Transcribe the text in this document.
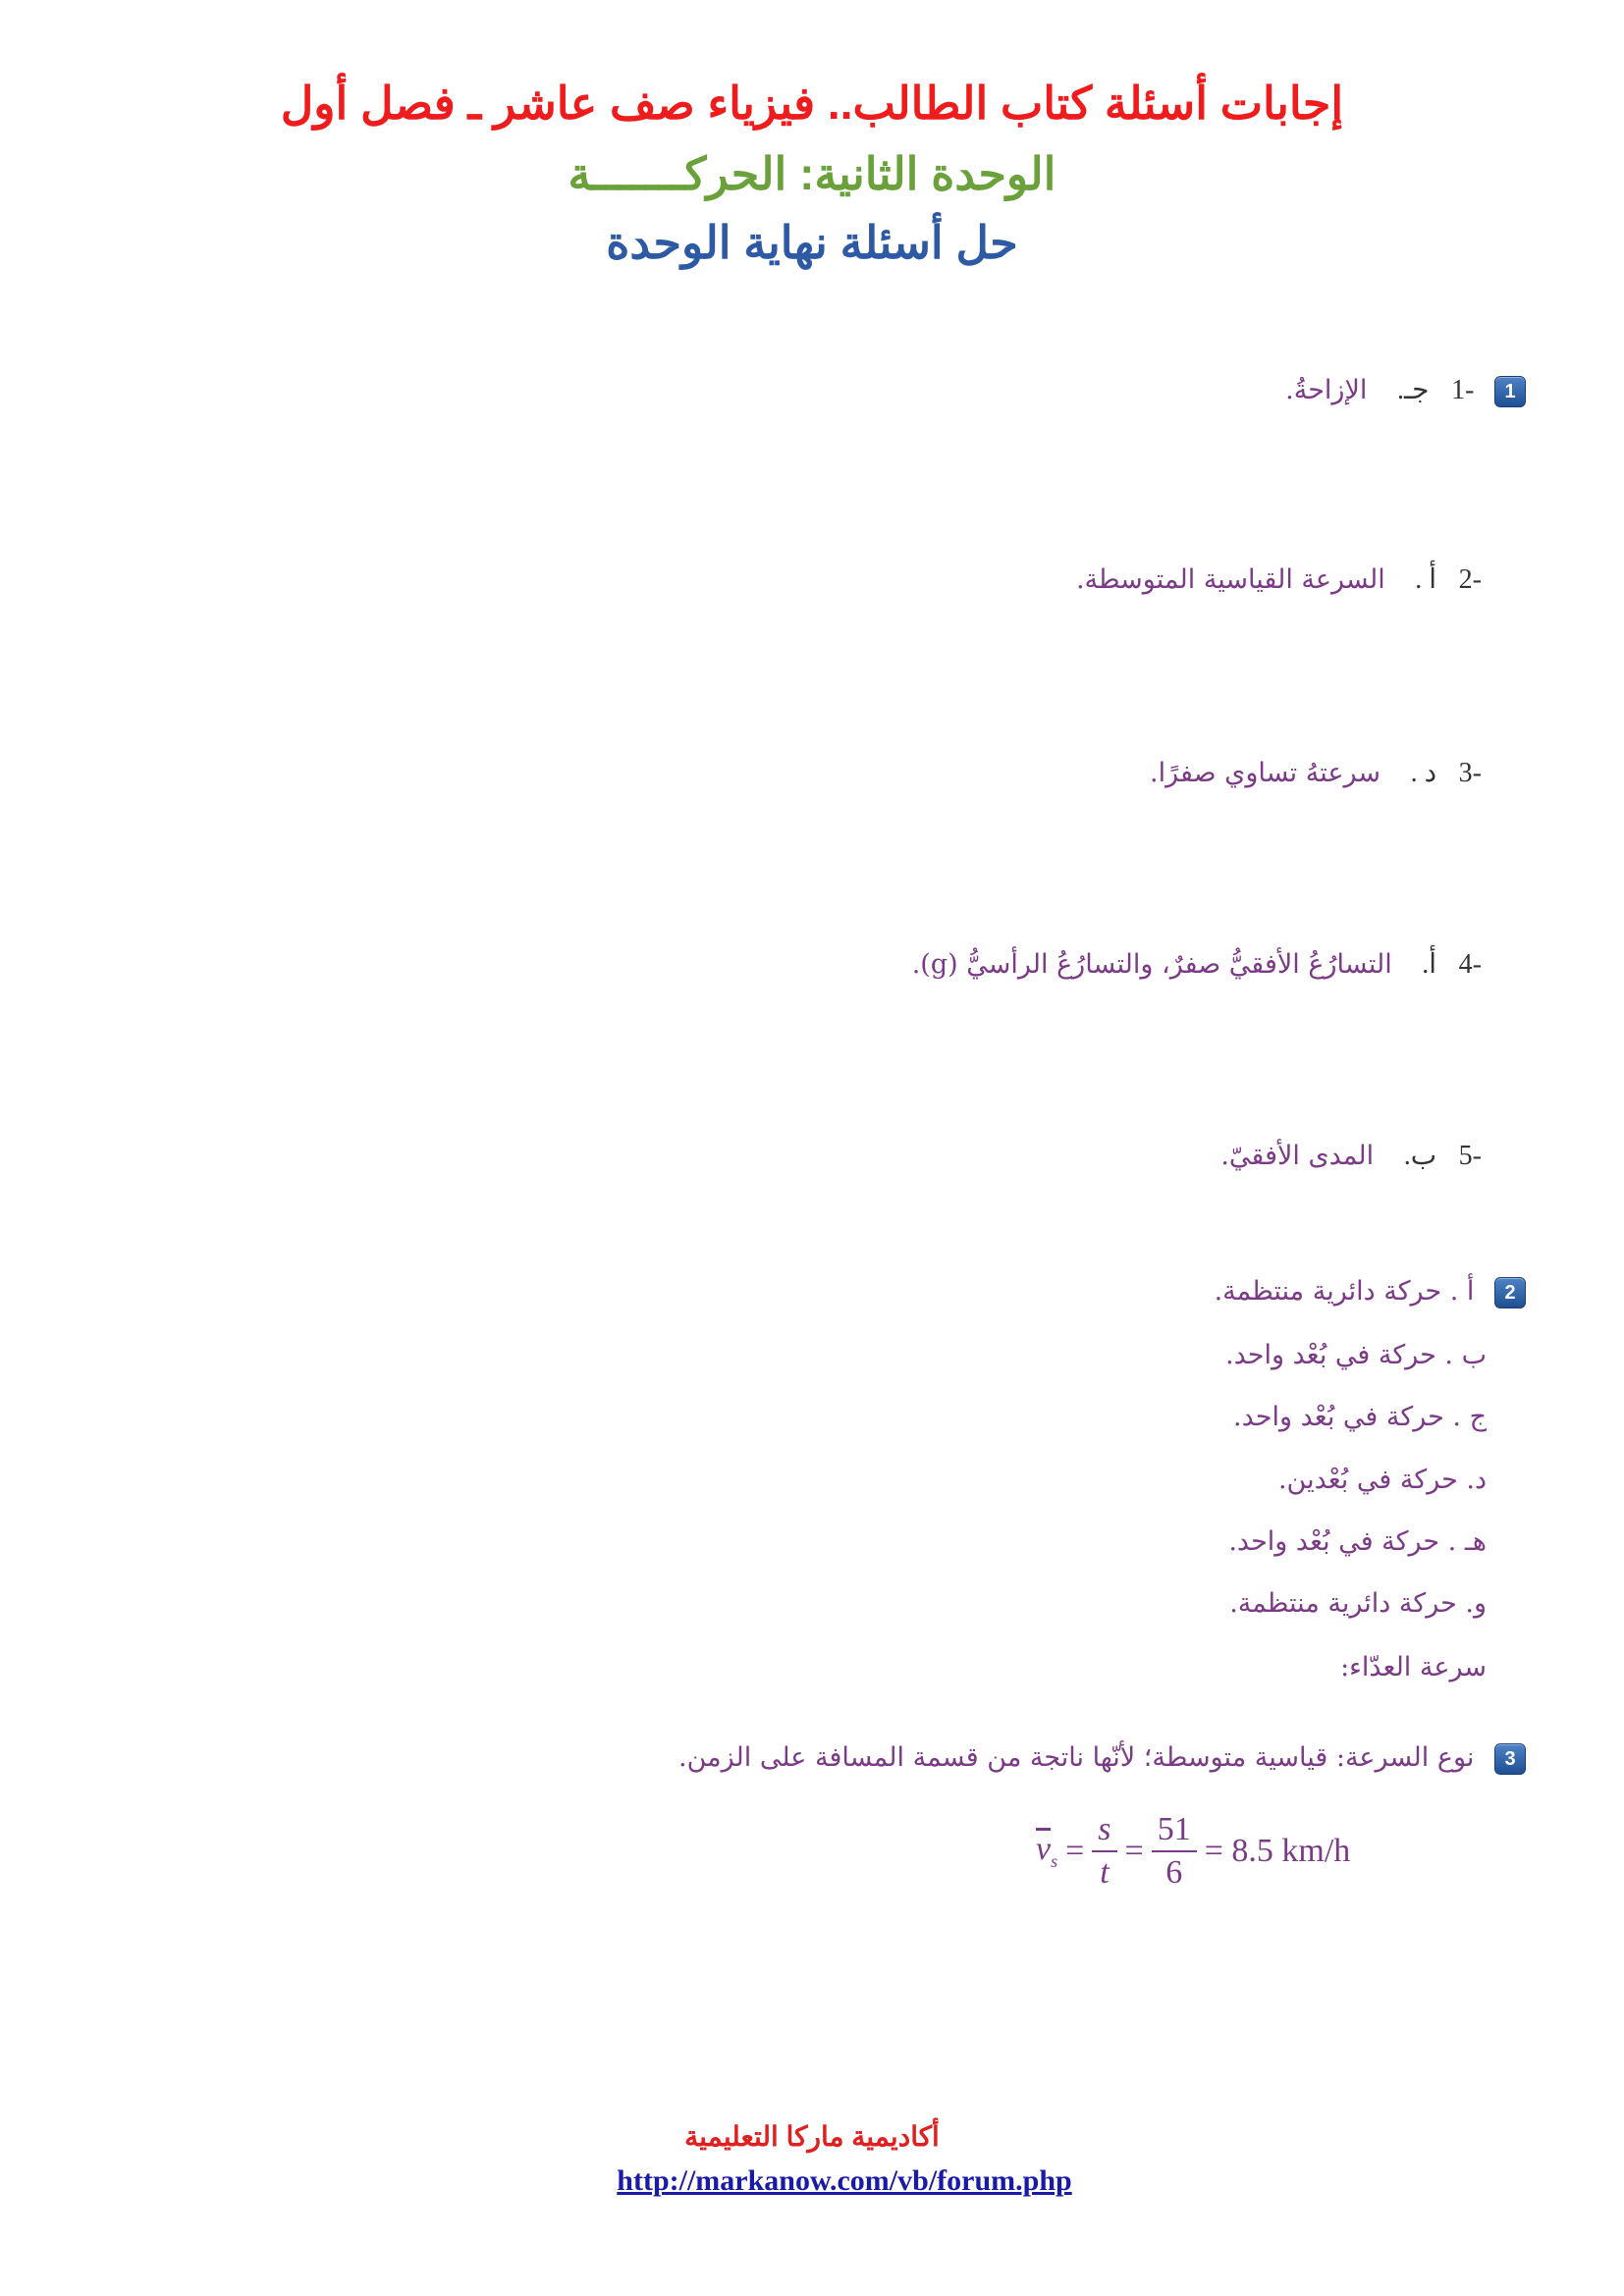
إجابات أسئلة كتاب الطالب.. فيزياء صف عاشر ـ فصل أول
الوحدة الثانية: الحركـــــــة
حل أسئلة نهاية الوحدة
1 -1 جـ. الإزاحةُ.
-2 أ . السرعة القياسية المتوسطة.
-3 د . سرعتهُ تساوي صفرًا.
-4 أ. التسارُعُ الأفقيُّ صفرٌ، والتسارُعُ الرأسيُّ (g).
-5 ب. المدى الأفقيّ.
2 أ . حركة دائرية منتظمة.
ب . حركة في بُعْد واحد.
ج . حركة في بُعْد واحد.
د. حركة في بُعْدين.
هـ . حركة في بُعْد واحد.
و. حركة دائرية منتظمة.
سرعة العدّاء:
3 نوع السرعة: قياسية متوسطة؛ لأنّها ناتجة من قسمة المسافة على الزمن.
$\overline{v}_s = \frac{s}{t} = \frac{51}{6} = 8.5$ km/h
أكاديمية ماركا التعليمية
http://markanow.com/vb/forum.php
